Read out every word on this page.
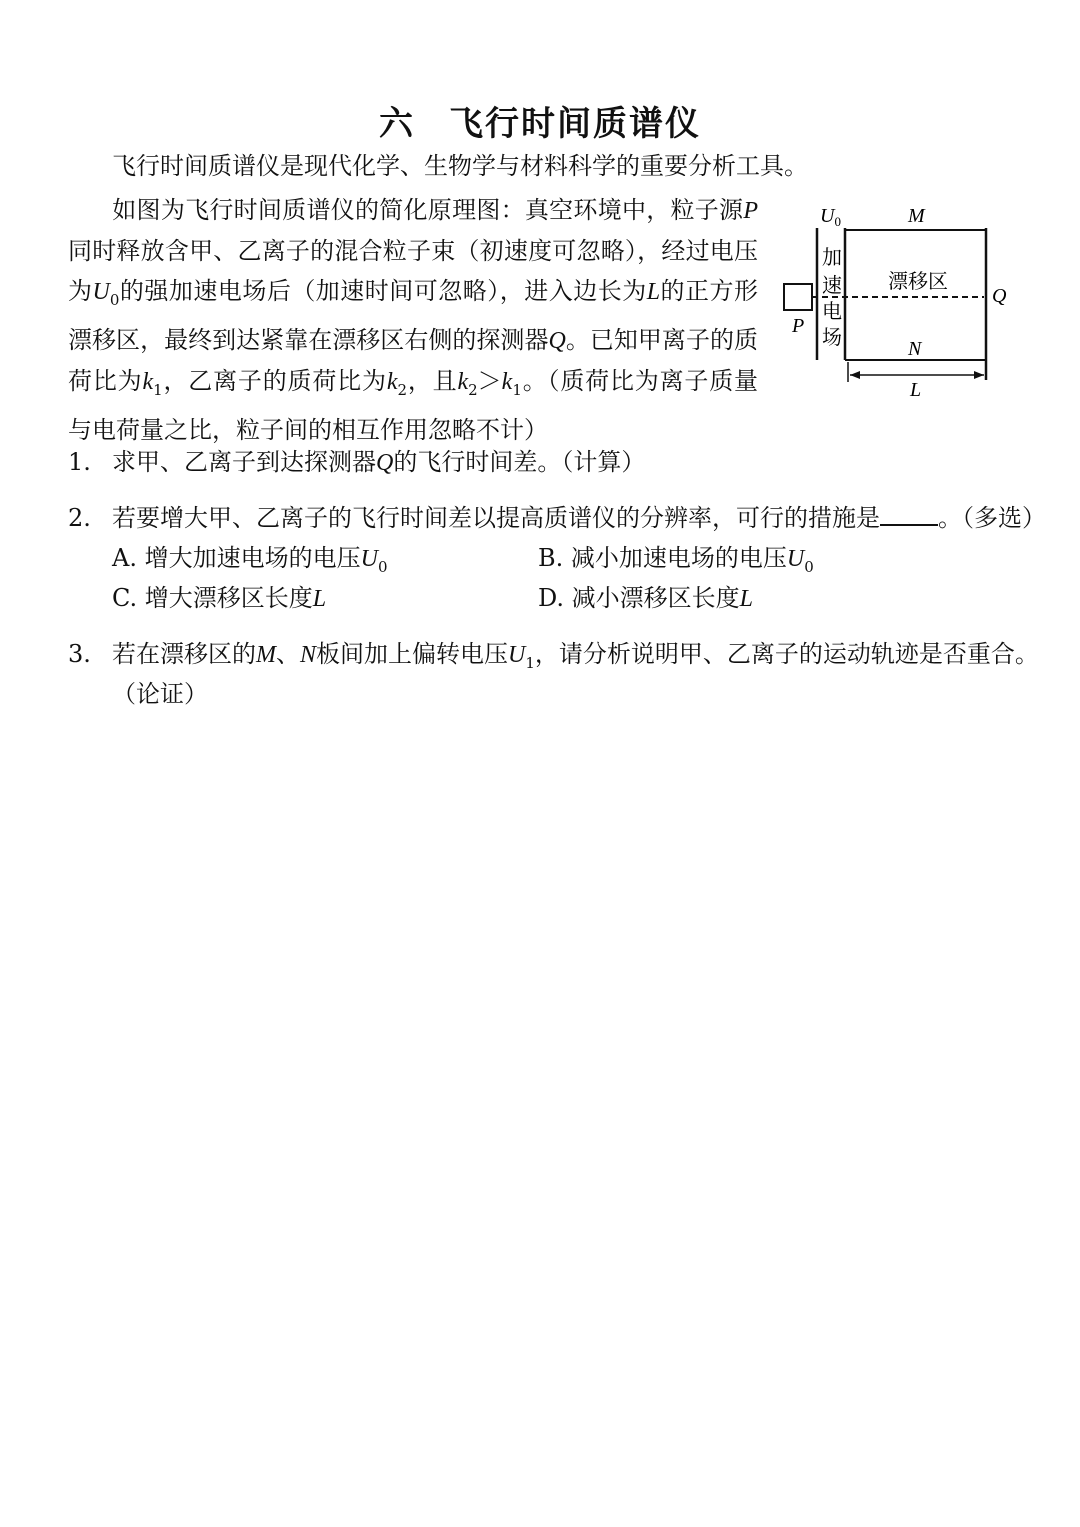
六 飞行时间质谱仪
飞行时间质谱仪是现代化学、生物学与材料科学的重要分析工具。
如图为飞行时间质谱仪的简化原理图：真空环境中，粒子源P同时释放含甲、乙离子的混合粒子束（初速度可忽略），经过电压为$U_0$的强加速电场后（加速时间可忽略），进入边长为L的正方形漂移区，最终到达紧靠在漂移区右侧的探测器Q。已知甲离子的质荷比为$k_1$，乙离子的质荷比为$k_2$，且$k_2>k_1$。（质荷比为离子质量与电荷量之比，粒子间的相互作用忽略不计）
$U_0$	M
加
速
电
场
漂移区
P
Q
N
L
1. 求甲、乙离子到达探测器Q的飞行时间差。（计算）
2. 若要增大甲、乙离子的飞行时间差以提高质谱仪的分辨率，可行的措施是 。（多选）
A. 增大加速电场的电压$U_0$	B. 减小加速电场的电压$U_0$
C. 增大漂移区长度L	D. 减小漂移区长度L
3. 若在漂移区的M、N板间加上偏转电压$U_1$，请分析说明甲、乙离子的运动轨迹是否重合。
（论证）
